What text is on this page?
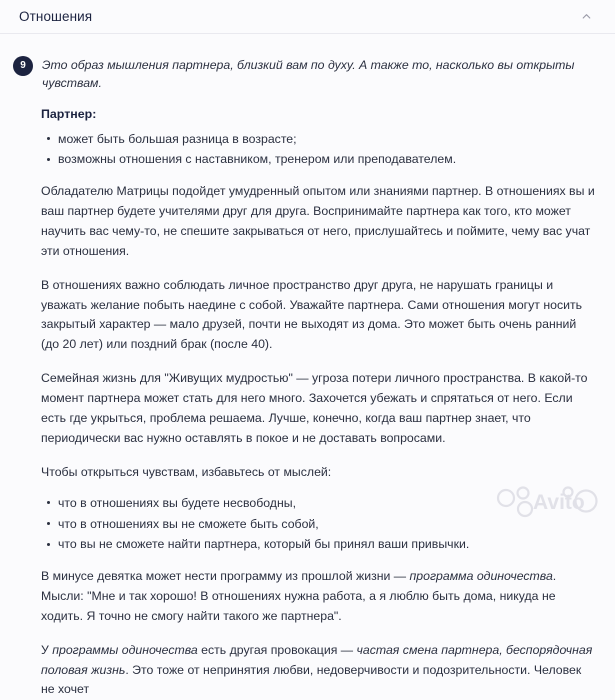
Отношения
9	Это образ мышления партнера, близкий вам по духу. А также то, насколько вы открыты чувствам.
Партнер:
может быть большая разница в возрасте;
возможны отношения с наставником, тренером или преподавателем.

Обладателю Матрицы подойдет умудренный опытом или знаниями партнер. В отношениях вы и ваш партнер будете учителями друг для друга. Воспринимайте партнера как того, кто может научить вас чему-то, не спешите закрываться от него, прислушайтесь и поймите, чему вас учат эти отношения.

В отношениях важно соблюдать личное пространство друг друга, не нарушать границы и уважать желание побыть наедине с собой. Уважайте партнера. Сами отношения могут носить закрытый характер — мало друзей, почти не выходят из дома. Это может быть очень ранний (до 20 лет) или поздний брак (после 40).

Семейная жизнь для "Живущих мудростью" — угроза потери личного пространства. В какой-то момент партнера может стать для него много. Захочется убежать и спрятаться от него. Если есть где укрыться, проблема решаема. Лучше, конечно, когда ваш партнер знает, что периодически вас нужно оставлять в покое и не доставать вопросами.

Чтобы открыться чувствам, избавьтесь от мыслей:

что в отношениях вы будете несвободны,
что в отношениях вы не сможете быть собой,
что вы не сможете найти партнера, который бы принял ваши привычки.

В минусе девятка может нести программу из прошлой жизни — программа одиночества. Мысли: "Мне и так хорошо! В отношениях нужна работа, а я люблю быть дома, никуда не ходить. Я точно не смогу найти такого же партнера".

У программы одиночества есть другая провокация — частая смена партнера, беспорядочная половая жизнь. Это тоже от непринятия любви, недоверчивости и подозрительности. Человек не хочет

Avito
